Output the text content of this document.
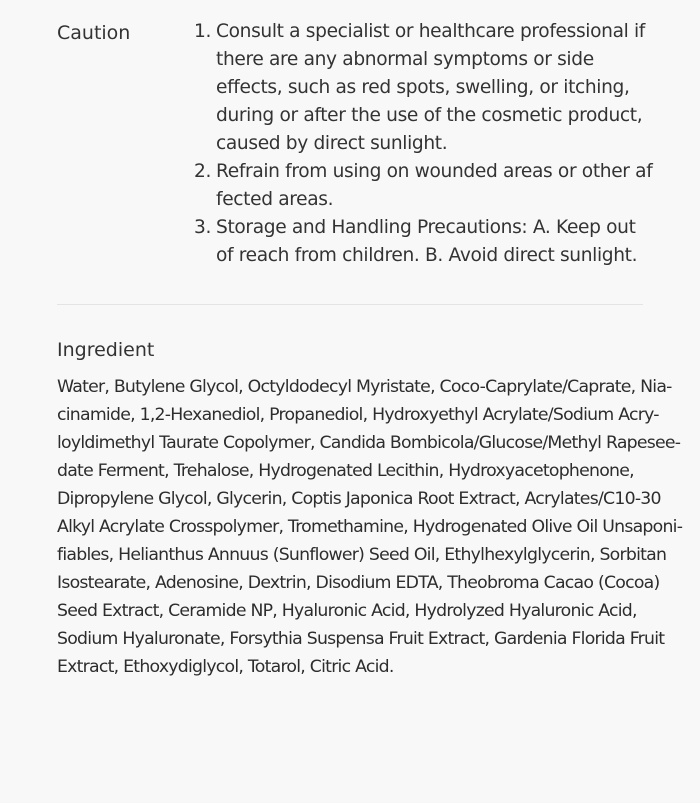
Caution	1. Consult a specialist or healthcare professional if there are any abnormal symptoms or side effects, such as red spots, swelling, or itching, during or after the use of the cosmetic product, caused by direct sunlight.
2. Refrain from using on wounded areas or other af fected areas.
3. Storage and Handling Precautions: A. Keep out of reach from children. B. Avoid direct sunlight.
Ingredient

Water, Butylene Glycol, Octyldodecyl Myristate, Coco-Caprylate/Caprate, Nia-
cinamide, 1,2-Hexanediol, Propanediol, Hydroxyethyl Acrylate/Sodium Acry-
loyldimethyl Taurate Copolymer, Candida Bombicola/Glucose/Methyl Rapesee-
date Ferment, Trehalose, Hydrogenated Lecithin, Hydroxyacetophenone,
Dipropylene Glycol, Glycerin, Coptis Japonica Root Extract, Acrylates/C10-30
Alkyl Acrylate Crosspolymer, Tromethamine, Hydrogenated Olive Oil Unsaponi-
fiables, Helianthus Annuus (Sunflower) Seed Oil, Ethylhexylglycerin, Sorbitan
Isostearate, Adenosine, Dextrin, Disodium EDTA, Theobroma Cacao (Cocoa)
Seed Extract, Ceramide NP, Hyaluronic Acid, Hydrolyzed Hyaluronic Acid,
Sodium Hyaluronate, Forsythia Suspensa Fruit Extract, Gardenia Florida Fruit
Extract, Ethoxydiglycol, Totarol, Citric Acid.
